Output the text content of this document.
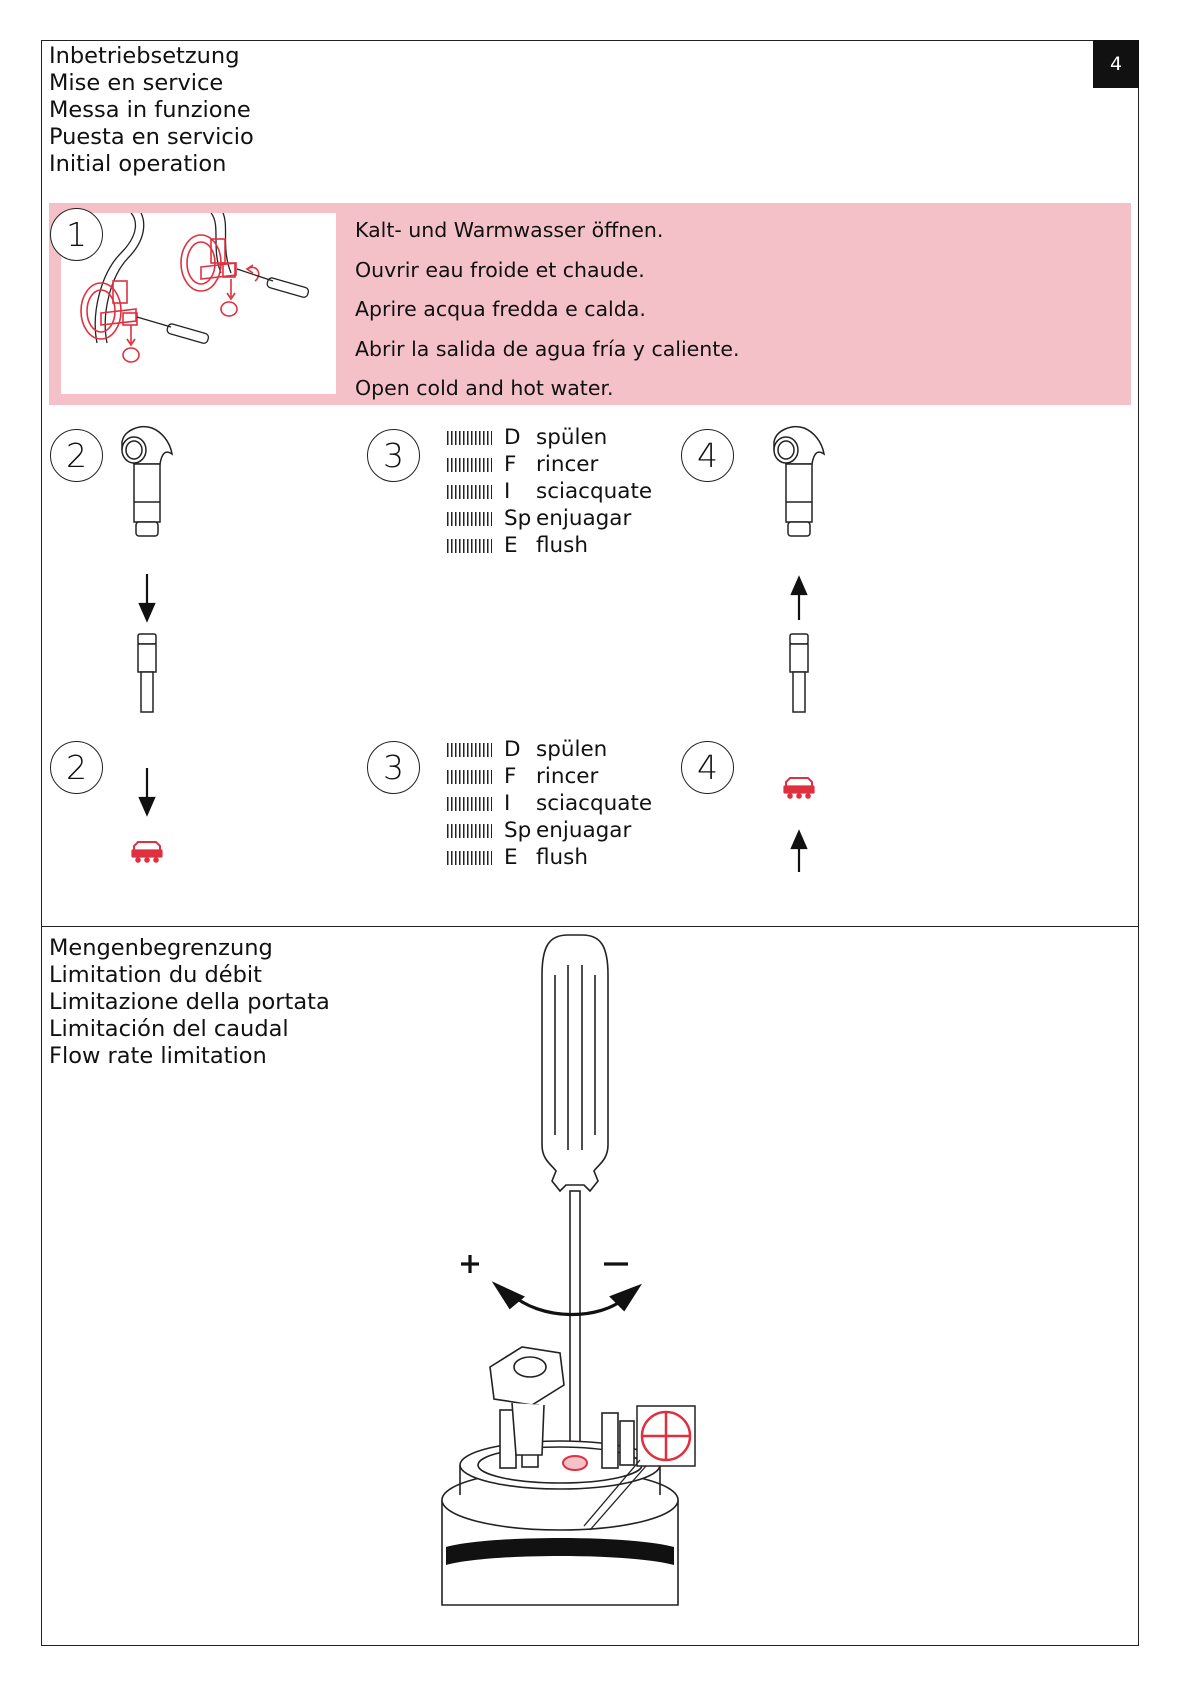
4
Inbetriebsetzung
Mise en service
Messa in funzione
Puesta en servicio
Initial operation
1	Kalt- und Warmwasser öffnen.
Ouvrir eau froide et chaude.
Aprire acqua fredda e calda.
Abrir la salida de agua fría y caliente.
Open cold and hot water.
2	3	4
D spülen
F rincer
I	sciacquate
Sp enjuagar
E flush
2	3	4
D spülen
F rincer
I	sciacquate
Sp enjuagar
E flush
Mengenbegrenzung
Limitation du débit
Limitazione della portata
Limitación del caudal
Flow rate limitation
